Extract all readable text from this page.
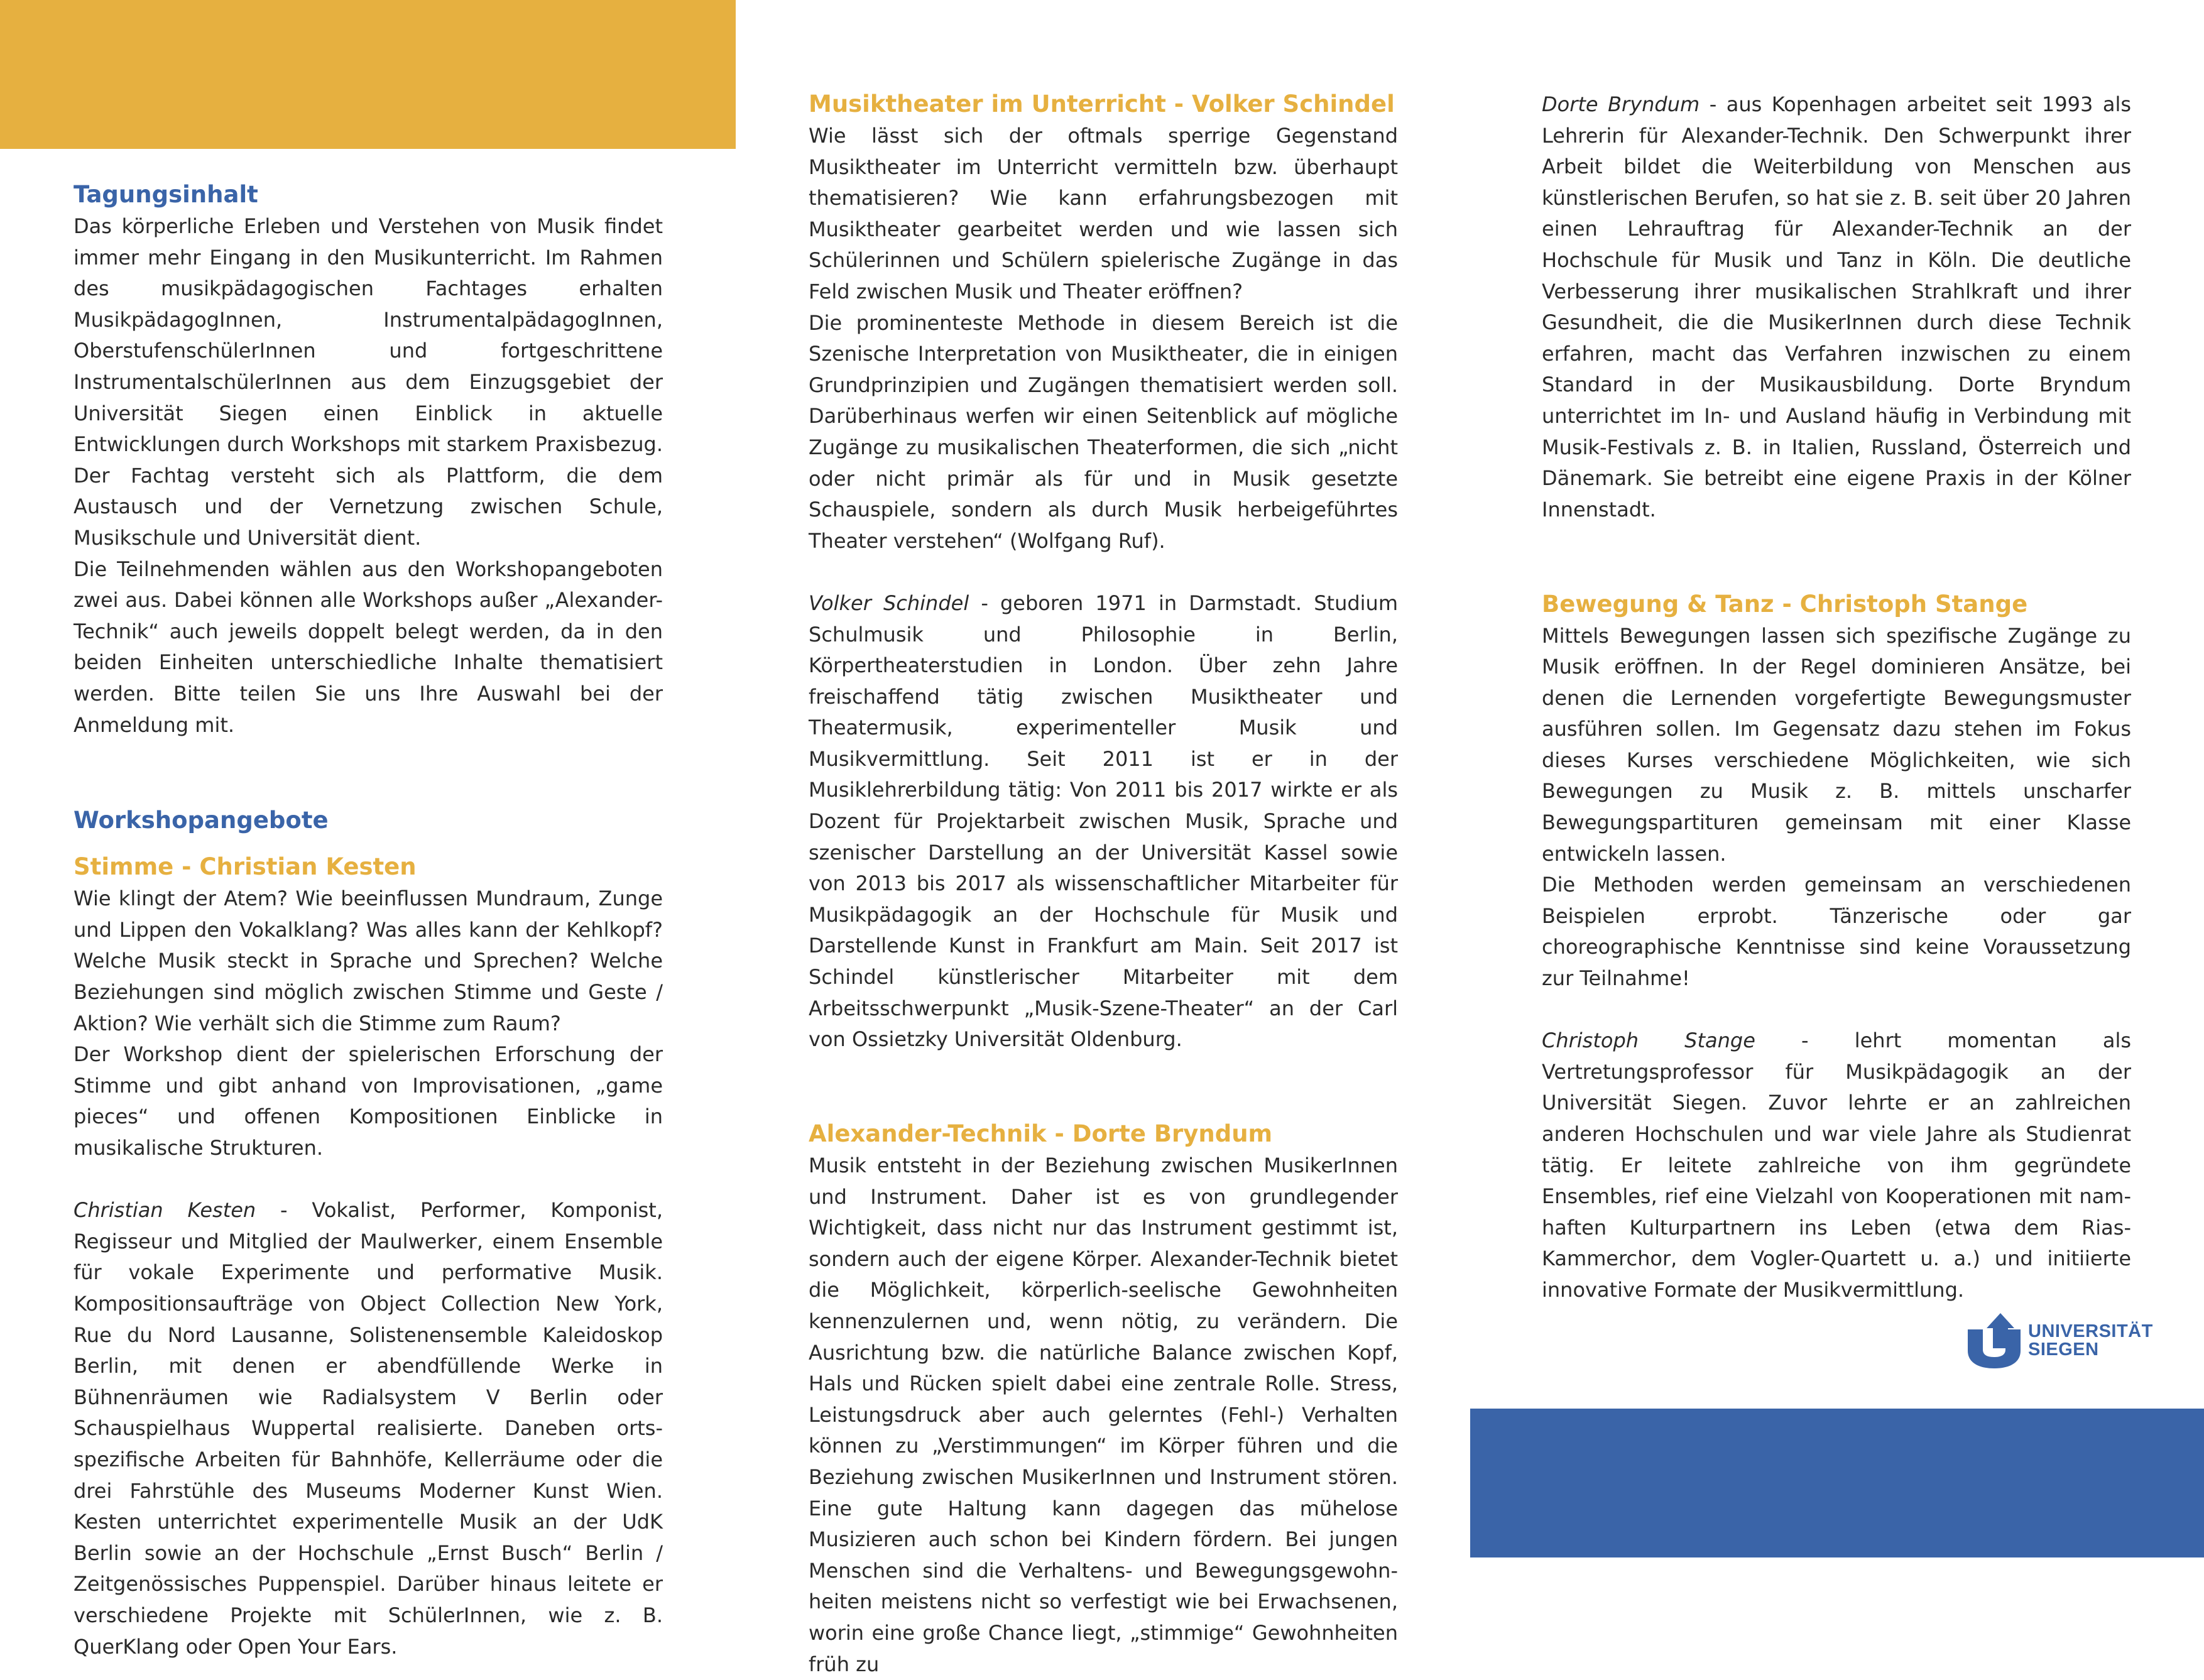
Tagungsinhalt

Das körperliche Erleben und Verstehen von Musik findet immer mehr Eingang in den Musikunterricht. Im Rahmen des musikpädagogischen Fachtages erhalten MusikpädagogInnen, InstrumentalpädagogInnen, OberstufenschülerInnen und fortgeschrittene InstrumentalschülerInnen aus dem Einzugsgebiet der Universität Siegen einen Einblick in aktuelle Entwicklungen durch Workshops mit starkem Praxisbezug. Der Fachtag versteht sich als Plattform, die dem Austausch und der Vernetzung zwischen Schule, Musikschule und Universität dient.

Die Teilnehmenden wählen aus den Workshopangeboten zwei aus. Dabei können alle Workshops außer „Alexander-Technik“ auch jeweils doppelt belegt werden, da in den beiden Einheiten unterschiedliche Inhalte thematisiert werden. Bitte teilen Sie uns Ihre Auswahl bei der Anmeldung mit.

Workshopangebote
Stimme - Christian Kesten

Wie klingt der Atem? Wie beeinflussen Mundraum, Zunge und Lippen den Vokalklang? Was alles kann der Kehlkopf? Welche Musik steckt in Sprache und Sprechen? Welche Beziehungen sind möglich zwischen Stimme und Geste / Aktion? Wie verhält sich die Stimme zum Raum?

Der Workshop dient der spielerischen Erforschung der Stimme und gibt anhand von Improvisationen, „game pieces“ und offenen Kompositionen Einblicke in musikalische Strukturen.

Christian Kesten - Vokalist, Performer, Komponist, Regisseur und Mitglied der Maulwerker, einem Ensemble für vokale Experimente und performative Musik. Kompositionsaufträge von Object Collection New York, Rue du Nord Lausanne, Solistenensemble Kaleidoskop Berlin, mit denen er abendfüllende Werke in Bühnenräumen wie Radialsystem V Berlin oder Schauspielhaus Wuppertal realisierte. Daneben ortsspezifische Arbeiten für Bahnhöfe, Kellerräume oder die drei Fahrstühle des Museums Moderner Kunst Wien. Kesten unterrichtet experimentelle Musik an der UdK Berlin sowie an der Hochschule „Ernst Busch“ Berlin / Zeitgenössisches Puppenspiel. Darüber hinaus leitete er verschiedene Projekte mit SchülerInnen, wie z. B. QuerKlang oder Open Your Ears.

Musiktheater im Unterricht - Volker Schindel

Wie lässt sich der oftmals sperrige Gegenstand Musiktheater im Unterricht vermitteln bzw. überhaupt thematisieren? Wie kann erfahrungsbezogen mit Musiktheater gearbeitet werden und wie lassen sich Schülerinnen und Schülern spielerische Zugänge in das Feld zwischen Musik und Theater eröffnen?

Die prominenteste Methode in diesem Bereich ist die Szenische Interpretation von Musiktheater, die in einigen Grundprinzipien und Zugängen thematisiert werden soll. Darüberhinaus werfen wir einen Seitenblick auf mögliche Zugänge zu musikalischen Theaterformen, die sich „nicht oder nicht primär als für und in Musik gesetzte Schauspiele, sondern als durch Musik herbeigeführtes Theater verstehen“ (Wolfgang Ruf).

Volker Schindel - geboren 1971 in Darmstadt. Studium Schulmusik und Philosophie in Berlin, Körpertheaterstudien in London. Über zehn Jahre freischaffend tätig zwischen Musiktheater und Theatermusik, experimenteller Musik und Musikvermittlung. Seit 2011 ist er in der Musiklehrerbildung tätig: Von 2011 bis 2017 wirkte er als Dozent für Projektarbeit zwischen Musik, Sprache und szenischer Darstellung an der Universität Kassel sowie von 2013 bis 2017 als wissenschaftlicher Mitarbeiter für Musikpädagogik an der Hochschule für Musik und Darstellende Kunst in Frankfurt am Main. Seit 2017 ist Schindel künstlerischer Mitarbeiter mit dem Arbeitsschwerpunkt „Musik-Szene-Theater“ an der Carl von Ossietzky Universität Oldenburg.

Alexander-Technik - Dorte Bryndum

Musik entsteht in der Beziehung zwischen MusikerInnen und Instrument. Daher ist es von grundlegender Wichtigkeit, dass nicht nur das Instrument gestimmt ist, sondern auch der eigene Körper. Alexander-Technik bietet die Möglichkeit, körperlich-seelische Gewohnheiten kennenzulernen und, wenn nötig, zu verändern. Die Ausrichtung bzw. die natürliche Balance zwischen Kopf, Hals und Rücken spielt dabei eine zentrale Rolle. Stress, Leistungsdruck aber auch gelerntes (Fehl-) Verhalten können zu „Verstimmungen“ im Körper führen und die Beziehung zwischen MusikerInnen und Instrument stören. Eine gute Haltung kann dagegen das mühelose Musizieren auch schon bei Kindern fördern. Bei jungen Menschen sind die Verhaltens- und Bewegungsgewohnheiten meistens nicht so verfestigt wie bei Erwachsenen, worin eine große Chance liegt, „stimmige“ Gewohnheiten früh zu

Dorte Bryndum - aus Kopenhagen arbeitet seit 1993 als Lehrerin für Alexander-Technik. Den Schwerpunkt ihrer Arbeit bildet die Weiterbildung von Menschen aus künstlerischen Berufen, so hat sie z. B. seit über 20 Jahren einen Lehrauftrag für Alexander-Technik an der Hochschule für Musik und Tanz in Köln. Die deutliche Verbesserung ihrer musikalischen Strahlkraft und ihrer Gesundheit, die die MusikerInnen durch diese Technik erfahren, macht das Verfahren inzwischen zu einem Standard in der Musikausbildung. Dorte Bryndum unterrichtet im In- und Ausland häufig in Verbindung mit Musik-Festivals z. B. in Italien, Russland, Österreich und Dänemark. Sie betreibt eine eigene Praxis in der Kölner Innenstadt.

Bewegung & Tanz - Christoph Stange

Mittels Bewegungen lassen sich spezifische Zugänge zu Musik eröffnen. In der Regel dominieren Ansätze, bei denen die Lernenden vorgefertigte Bewegungsmuster ausführen sollen. Im Gegensatz dazu stehen im Fokus dieses Kurses verschiedene Möglichkeiten, wie sich Bewegungen zu Musik z. B. mittels unscharfer Bewegungspartituren gemeinsam mit einer Klasse entwickeln lassen.

Die Methoden werden gemeinsam an verschiedenen Beispielen erprobt. Tänzerische oder gar choreographische Kenntnisse sind keine Voraussetzung zur Teilnahme!

Christoph Stange - lehrt momentan als Vertretungsprofessor für Musikpädagogik an der Universität Siegen. Zuvor lehrte er an zahlreichen anderen Hochschulen und war viele Jahre als Studienrat tätig. Er leitete zahlreiche von ihm gegründete Ensembles, rief eine Vielzahl von Kooperationen mit namhaften Kulturpartnern ins Leben (etwa dem Rias-Kammerchor, dem Vogler-Quartett u. a.) und initiierte innovative Formate der Musikvermittlung.

UNIVERSITÄT
SIEGEN
